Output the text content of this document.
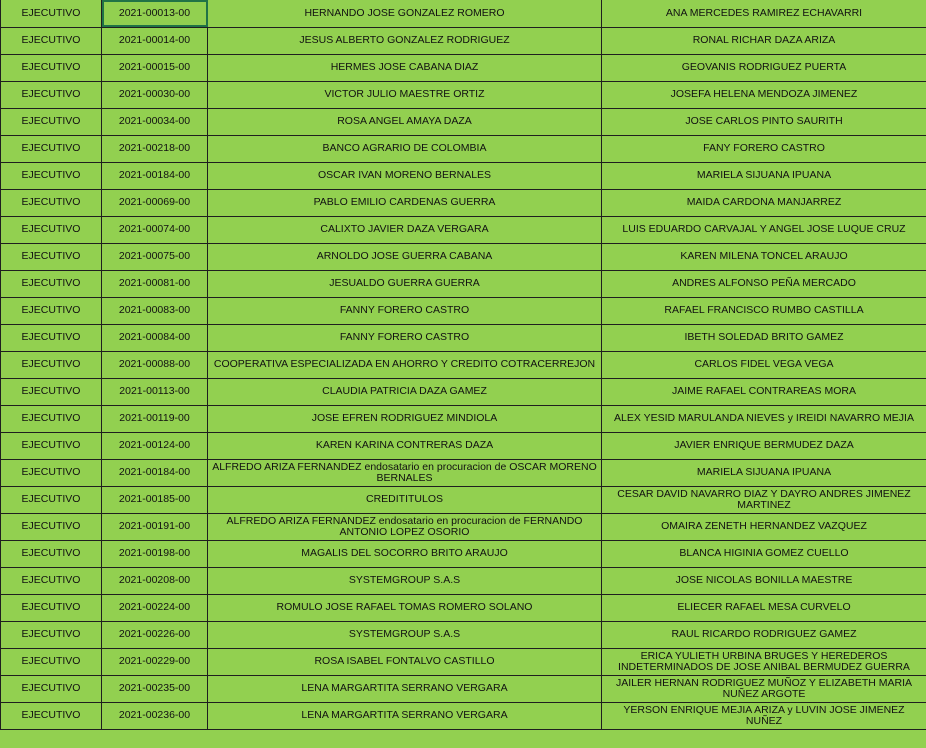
EJECUTIVO	2021-00013-00	HERNANDO JOSE GONZALEZ ROMERO	ANA MERCEDES RAMIREZ ECHAVARRI
EJECUTIVO	2021-00014-00	JESUS ALBERTO GONZALEZ RODRIGUEZ	RONAL RICHAR DAZA ARIZA
EJECUTIVO	2021-00015-00	HERMES JOSE CABANA DIAZ	GEOVANIS RODRIGUEZ PUERTA
EJECUTIVO	2021-00030-00	VICTOR JULIO MAESTRE ORTIZ	JOSEFA HELENA MENDOZA JIMENEZ
EJECUTIVO	2021-00034-00	ROSA ANGEL AMAYA DAZA	JOSE CARLOS PINTO SAURITH
EJECUTIVO	2021-00218-00	BANCO AGRARIO DE COLOMBIA	FANY FORERO CASTRO
EJECUTIVO	2021-00184-00	OSCAR IVAN MORENO BERNALES	MARIELA SIJUANA IPUANA
EJECUTIVO	2021-00069-00	PABLO EMILIO CARDENAS GUERRA	MAIDA CARDONA MANJARREZ
EJECUTIVO	2021-00074-00	CALIXTO JAVIER DAZA VERGARA	LUIS EDUARDO CARVAJAL Y ANGEL JOSE LUQUE CRUZ
EJECUTIVO	2021-00075-00	ARNOLDO JOSE GUERRA CABANA	KAREN MILENA TONCEL ARAUJO
EJECUTIVO	2021-00081-00	JESUALDO GUERRA GUERRA	ANDRES ALFONSO PEÑA MERCADO
EJECUTIVO	2021-00083-00	FANNY FORERO CASTRO	RAFAEL FRANCISCO RUMBO CASTILLA
EJECUTIVO	2021-00084-00	FANNY FORERO CASTRO	IBETH SOLEDAD BRITO GAMEZ
EJECUTIVO	2021-00088-00	COOPERATIVA ESPECIALIZADA EN AHORRO Y CREDITO COTRACERREJON	CARLOS FIDEL VEGA VEGA
EJECUTIVO	2021-00113-00	CLAUDIA PATRICIA DAZA GAMEZ	JAIME RAFAEL CONTRAREAS MORA
EJECUTIVO	2021-00119-00	JOSE EFREN RODRIGUEZ MINDIOLA	ALEX YESID MARULANDA NIEVES y IREIDI NAVARRO MEJIA
EJECUTIVO	2021-00124-00	KAREN KARINA CONTRERAS DAZA	JAVIER ENRIQUE BERMUDEZ DAZA
EJECUTIVO	2021-00184-00	ALFREDO ARIZA FERNANDEZ endosatario en procuracion de OSCAR MORENO BERNALES	MARIELA SIJUANA IPUANA
EJECUTIVO	2021-00185-00	CREDITITULOS	CESAR DAVID NAVARRO DIAZ Y DAYRO ANDRES JIMENEZ MARTINEZ
EJECUTIVO	2021-00191-00	ALFREDO ARIZA FERNANDEZ endosatario en procuracion de FERNANDO ANTONIO LOPEZ OSORIO	OMAIRA ZENETH HERNANDEZ VAZQUEZ
EJECUTIVO	2021-00198-00	MAGALIS DEL SOCORRO BRITO ARAUJO	BLANCA HIGINIA GOMEZ CUELLO
EJECUTIVO	2021-00208-00	SYSTEMGROUP S.A.S	JOSE NICOLAS BONILLA MAESTRE
EJECUTIVO	2021-00224-00	ROMULO JOSE RAFAEL TOMAS ROMERO SOLANO	ELIECER RAFAEL MESA CURVELO
EJECUTIVO	2021-00226-00	SYSTEMGROUP S.A.S	RAUL RICARDO RODRIGUEZ GAMEZ
EJECUTIVO	2021-00229-00	ROSA ISABEL FONTALVO CASTILLO	ERICA YULIETH URBINA BRUGES Y HEREDEROS INDETERMINADOS DE JOSE ANIBAL BERMUDEZ GUERRA
EJECUTIVO	2021-00235-00	LENA MARGARTITA SERRANO VERGARA	JAILER HERNAN RODRIGUEZ MUÑOZ Y ELIZABETH MARIA NUÑEZ ARGOTE
EJECUTIVO	2021-00236-00	LENA MARGARTITA SERRANO VERGARA	YERSON ENRIQUE MEJIA ARIZA y LUVIN JOSE JIMENEZ NUÑEZ
